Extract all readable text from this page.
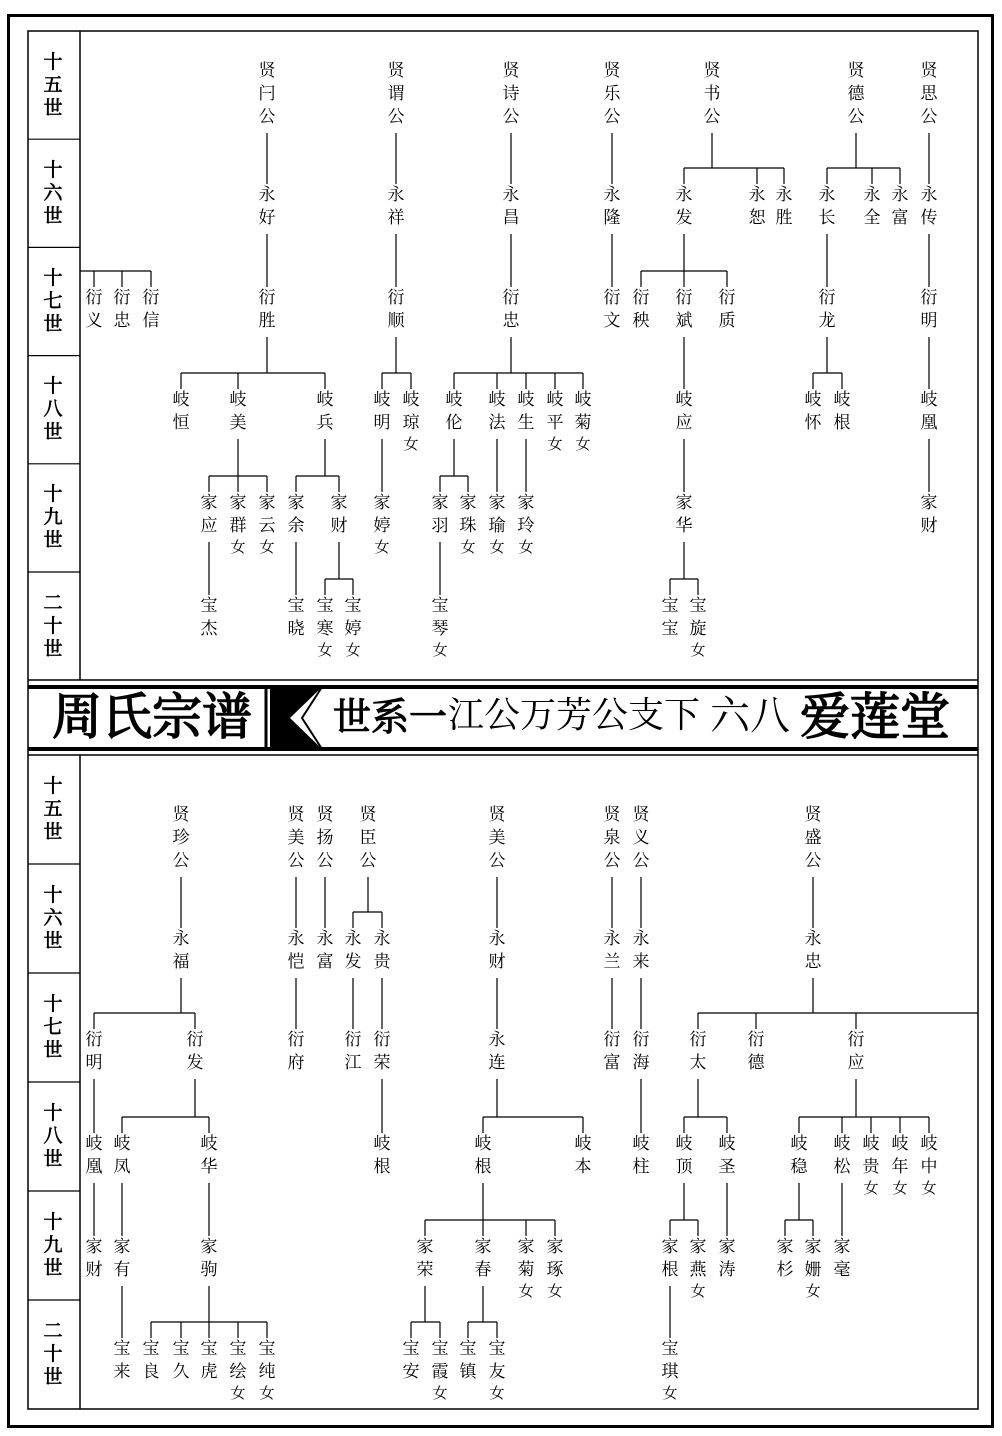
十
五
世
十
六
世
十
七
世
十
八
世
十
九
世
二
十
世
十
五
世
十
六
世
十
七
世
十
八
世
十
九
世
二
十
世
周氏宗谱 世系一 江公万芳公支下 六八 爱莲堂
贤闩公
贤谓公
贤诗公
贤乐公
贤书公
贤德公
贤思公
永好
永祥
永昌
永隆
永发
永恕
永胜
永长
永全
永富
永传
衍义
衍忠
衍信
衍胜
衍顺
衍忠
衍文
衍秧
衍斌
衍质
衍龙
衍明
岐恒
岐美
岐兵
岐明
岐琼女
岐伦
岐法
岐生
岐平女
岐菊女
岐应
岐怀
岐根
岐凰
家应
家群女
家云女
家余
家财
家婷女
家羽
家珠女
家瑜女
家玲女
家华
家财
宝杰
宝晓
宝寒女
宝婷女
宝琴女
宝宝
宝旋女
贤珍公
贤美公
贤扬公
贤臣公
贤美公
贤泉公
贤义公
贤盛公
永福
永恺
永富
永发
永贵
永财
永兰
永来
永忠
衍明
衍发
衍府
衍江
衍荣
永连
衍富
衍海
衍太
衍德
衍应
岐凰
岐凤
岐华
岐根
岐根
岐本
岐柱
岐顶
岐圣
岐稳
岐松
岐贵女
岐年女
岐中女
家财
家有
家驹
家荣
家春
家菊女
家琢女
家根
家燕女
家涛
家杉
家姗女
家毫
宝来
宝良
宝久
宝虎
宝绘女
宝纯女
宝安
宝霞女
宝镇
宝友女
宝琪女
